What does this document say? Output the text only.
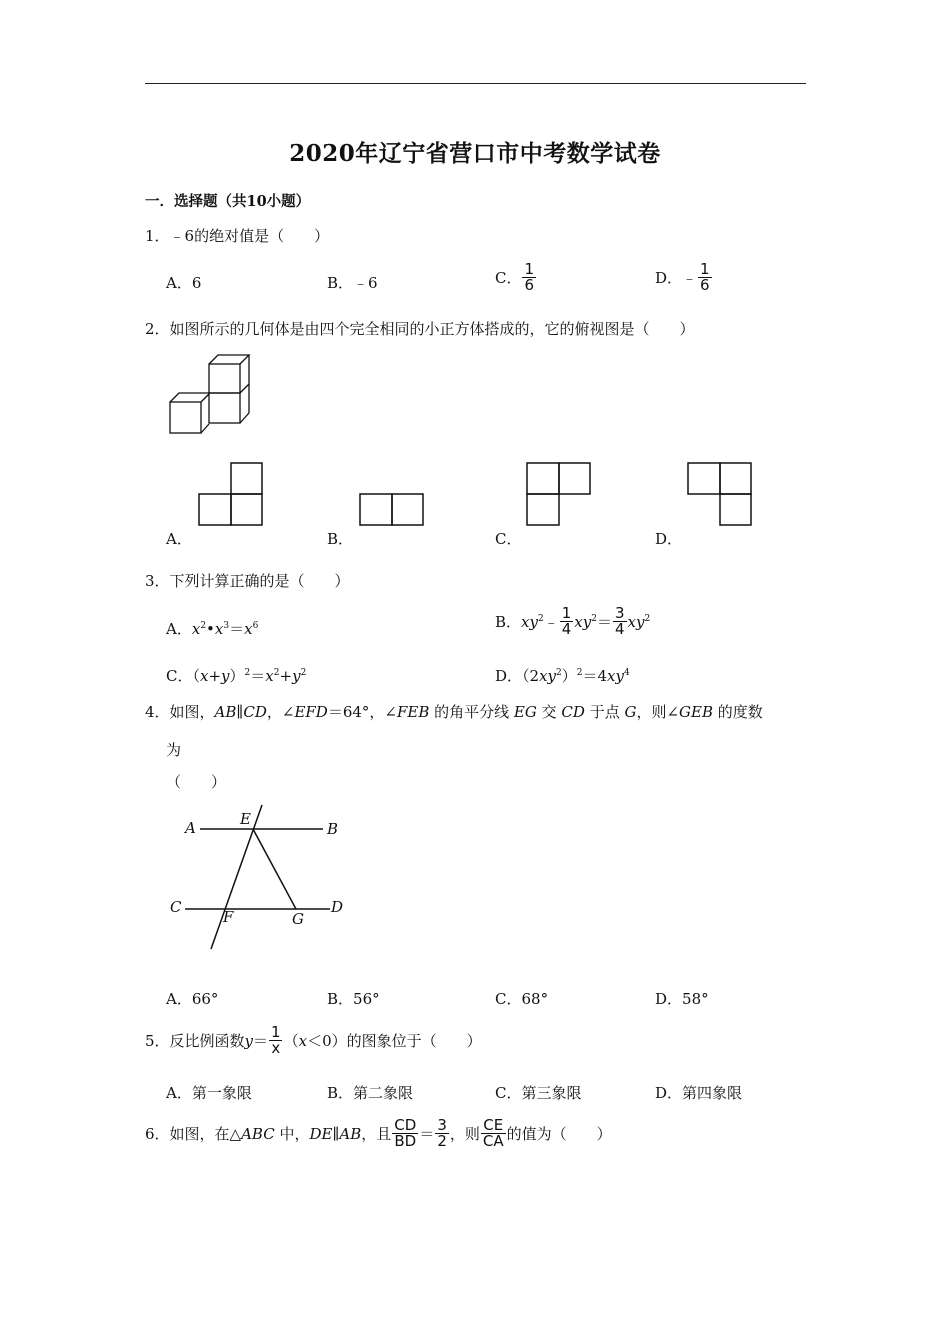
2020年辽宁省营口市中考数学试卷
一．选择题（共10小题）
1．﹣6的绝对值是（　　）
A．6	B．﹣6	C． $\frac{1}{6}$	D．﹣ $\frac{1}{6}$
2．如图所示的几何体是由四个完全相同的小正方体搭成的，它的俯视图是（　　）
A．	B．	C．	D．
3．下列计算正确的是（　　）
A．$x^2•x^3=x^6$	B．$xy^2﹣ \frac{1}{4} xy^2= \frac{3}{4} xy^2$
C．$(x+y)^2=x^2+y^2$	D．$(2xy^2)^2=4xy^4$
4．如图，AB∥CD，∠EFD＝64°，∠FEB 的角平分线 EG 交 CD 于点 G，则∠GEB 的度数
为
（　　）
A	E
B
C
F	G
D
A．66°	B．56°	C．68°	D．58°
5．反比例函数$y= \frac{1}{x} (x<0)$的图象位于（　　）
A．第一象限	B．第二象限	C．第三象限	D．第四象限
6．如图，在△ABC 中，DE∥AB，且 $\frac{CD}{BD} = \frac{3}{2}$ ，则 $\frac{CE}{CA}$ 的值为（　　）
